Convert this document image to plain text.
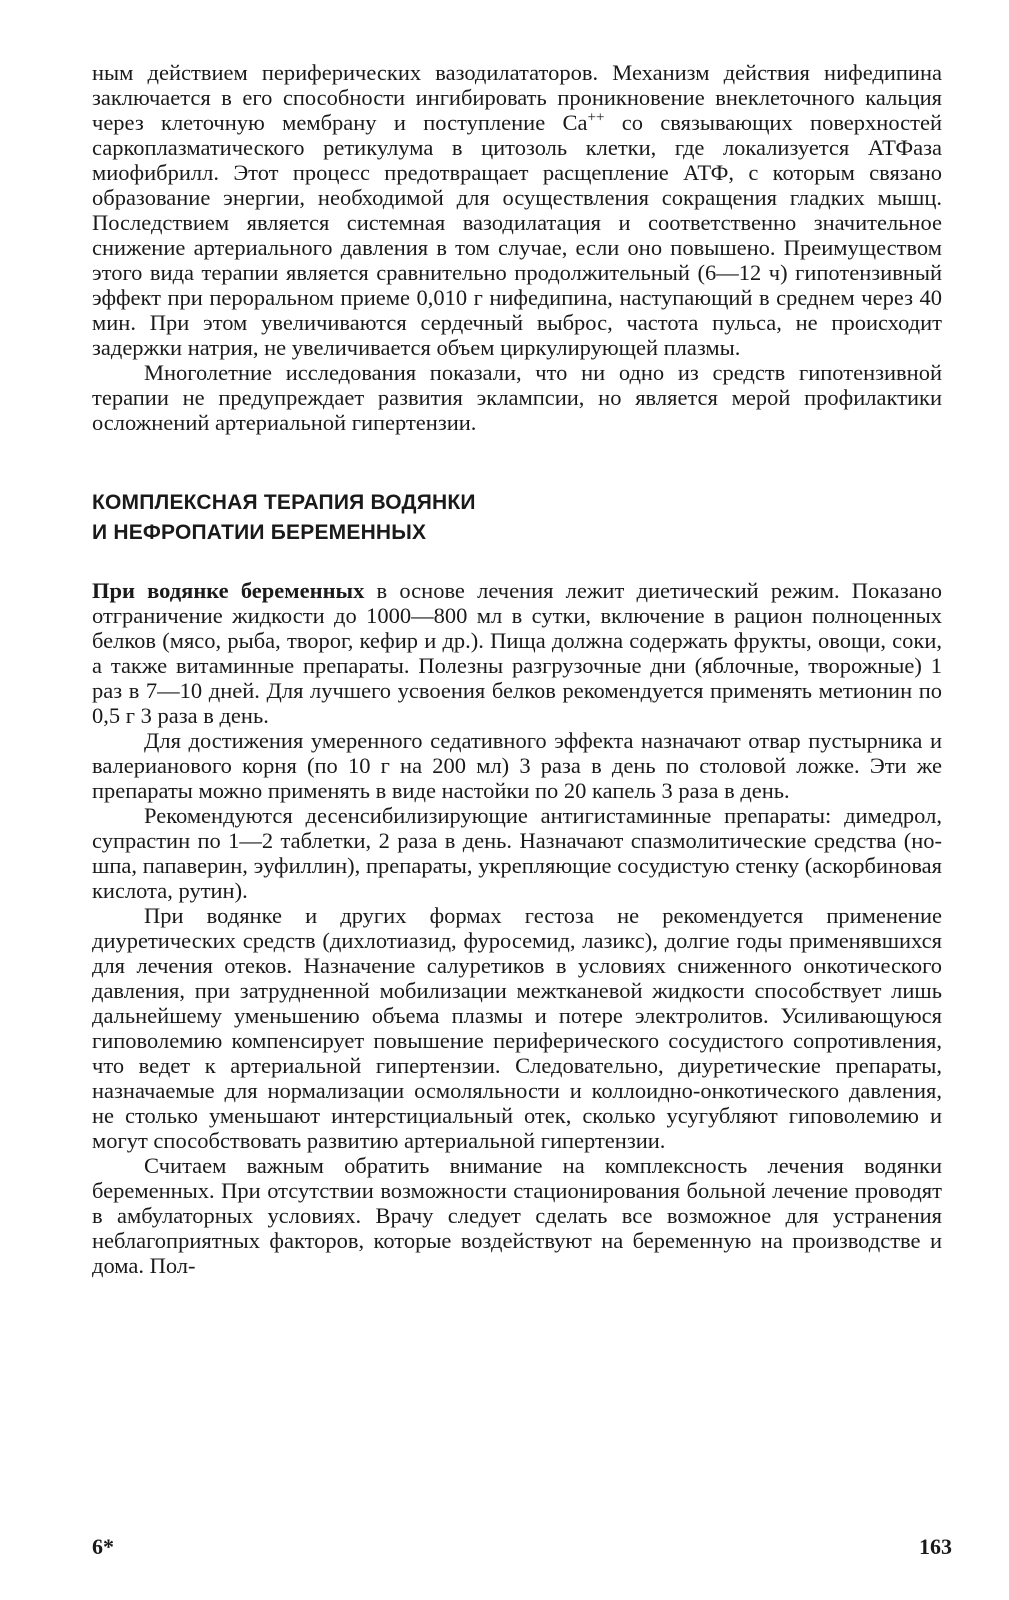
ным действием периферических вазодилататоров. Механизм действия нифедипина заключается в его способности ингибировать проникновение внеклеточного кальция через клеточную мембрану и поступление Ca++ со связывающих поверхностей саркоплазматического ретикулума в цитозоль клетки, где локализуется АТФаза миофибрилл. Этот процесс предотвращает расщепление АТФ, с которым связано образование энергии, необходимой для осуществления сокращения гладких мышц. Последствием является системная вазодилатация и соответственно значительное снижение артериального давления в том случае, если оно повышено. Преимуществом этого вида терапии является сравнительно продолжительный (6—12 ч) гипотензивный эффект при пероральном приеме 0,010 г нифедипина, наступающий в среднем через 40 мин. При этом увеличиваются сердечный выброс, частота пульса, не происходит задержки натрия, не увеличивается объем циркулирующей плазмы.

Многолетние исследования показали, что ни одно из средств гипотензивной терапии не предупреждает развития эклампсии, но является мерой профилактики осложнений артериальной гипертензии.

КОМПЛЕКСНАЯ ТЕРАПИЯ ВОДЯНКИ
И НЕФРОПАТИИ БЕРЕМЕННЫХ

При водянке беременных в основе лечения лежит диетический режим. Показано отграничение жидкости до 1000—800 мл в сутки, включение в рацион полноценных белков (мясо, рыба, творог, кефир и др.). Пища должна содержать фрукты, овощи, соки, а также витаминные препараты. Полезны разгрузочные дни (яблочные, творожные) 1 раз в 7—10 дней. Для лучшего усвоения белков рекомендуется применять метионин по 0,5 г 3 раза в день.

Для достижения умеренного седативного эффекта назначают отвар пустырника и валерианового корня (по 10 г на 200 мл) 3 раза в день по столовой ложке. Эти же препараты можно применять в виде настойки по 20 капель 3 раза в день.

Рекомендуются десенсибилизирующие антигистаминные препараты: димедрол, супрастин по 1—2 таблетки, 2 раза в день. Назначают спазмолитические средства (но-шпа, папаверин, эуфиллин), препараты, укрепляющие сосудистую стенку (аскорбиновая кислота, рутин).

При водянке и других формах гестоза не рекомендуется применение диуретических средств (дихлотиазид, фуросемид, лазикс), долгие годы применявшихся для лечения отеков. Назначение салуретиков в условиях сниженного онкотического давления, при затрудненной мобилизации межтканевой жидкости способствует лишь дальнейшему уменьшению объема плазмы и потере электролитов. Усиливающуюся гиповолемию компенсирует повышение периферического сосудистого сопротивления, что ведет к артериальной гипертензии. Следовательно, диуретические препараты, назначаемые для нормализации осмоляльности и коллоидно-онкотического давления, не столько уменьшают интерстициальный отек, сколько усугубляют гиповолемию и могут способствовать развитию артериальной гипертензии.

Считаем важным обратить внимание на комплексность лечения водянки беременных. При отсутствии возможности стационирования больной лечение проводят в амбулаторных условиях. Врачу следует сделать все возможное для устранения неблагоприятных факторов, которые воздействуют на беременную на производстве и дома. Пол-

6*	163
